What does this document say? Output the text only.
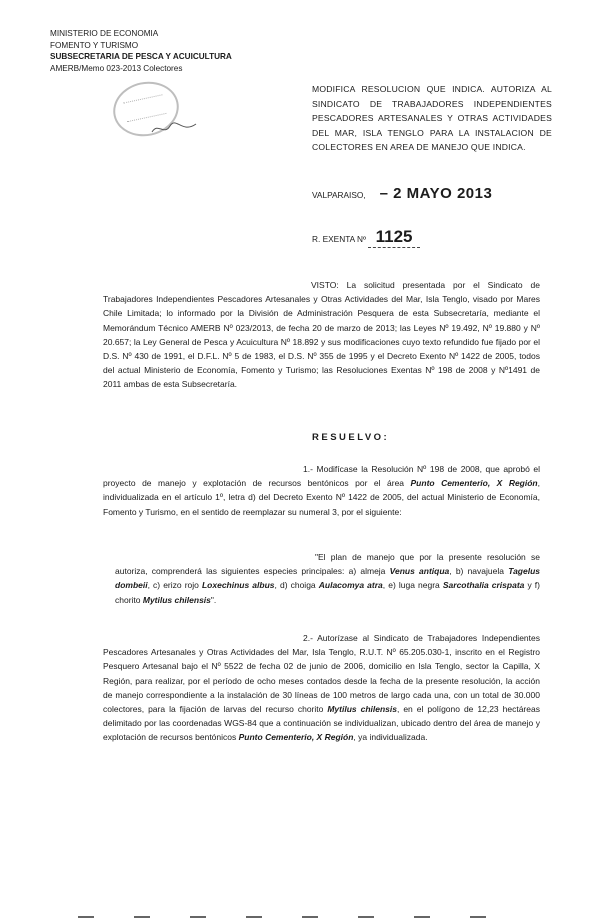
MINISTERIO DE ECONOMIA
FOMENTO Y TURISMO
SUBSECRETARIA DE PESCA Y ACUICULTURA
AMERB/Memo 023-2013 Colectores
MODIFICA RESOLUCION QUE INDICA. AUTORIZA AL SINDICATO DE TRABAJADORES INDEPENDIENTES PESCADORES ARTESANALES Y OTRAS ACTIVIDADES DEL MAR, ISLA TENGLO PARA LA INSTALACION DE COLECTORES EN AREA DE MANEJO QUE INDICA.
VALPARAISO, – 2 MAYO 2013
R. EXENTA Nº 1125
VISTO: La solicitud presentada por el Sindicato de Trabajadores Independientes Pescadores Artesanales y Otras Actividades del Mar, Isla Tenglo, visado por Mares Chile Limitada; lo informado por la División de Administración Pesquera de esta Subsecretaría, mediante el Memorándum Técnico AMERB Nº 023/2013, de fecha 20 de marzo de 2013; las Leyes Nº 19.492, Nº 19.880 y Nº 20.657; la Ley General de Pesca y Acuicultura Nº 18.892 y sus modificaciones cuyo texto refundido fue fijado por el D.S. Nº 430 de 1991, el D.F.L. Nº 5 de 1983, el D.S. Nº 355 de 1995 y el Decreto Exento Nº 1422 de 2005, todos del actual Ministerio de Economía, Fomento y Turismo; las Resoluciones Exentas Nº 198 de 2008 y Nº1491 de 2011 ambas de esta Subsecretaría.
RESUELVO:
1.- Modifícase la Resolución Nº 198 de 2008, que aprobó el proyecto de manejo y explotación de recursos bentónicos por el área Punto Cementerio, X Región, individualizada en el artículo 1º, letra d) del Decreto Exento Nº 1422 de 2005, del actual Ministerio de Economía, Fomento y Turismo, en el sentido de reemplazar su numeral 3, por el siguiente:
"El plan de manejo que por la presente resolución se autoriza, comprenderá las siguientes especies principales: a) almeja Venus antiqua, b) navajuela Tagelus dombeii, c) erizo rojo Loxechinus albus, d) choiga Aulacomya atra, e) luga negra Sarcothalia crispata y f) chorito Mytilus chilensis".
2.- Autorízase al Sindicato de Trabajadores Independientes Pescadores Artesanales y Otras Actividades del Mar, Isla Tenglo, R.U.T. Nº 65.205.030-1, inscrito en el Registro Pesquero Artesanal bajo el Nº 5522 de fecha 02 de junio de 2006, domicilio en Isla Tenglo, sector la Capilla, X Región, para realizar, por el período de ocho meses contados desde la fecha de la presente resolución, la acción de manejo correspondiente a la instalación de 30 líneas de 100 metros de largo cada una, con un total de 30.000 colectores, para la fijación de larvas del recurso chorito Mytilus chilensis, en el polígono de 12,23 hectáreas delimitado por las coordenadas WGS-84 que a continuación se individualizan, ubicado dentro del área de manejo y explotación de recursos bentónicos Punto Cementerio, X Región, ya individualizada.
